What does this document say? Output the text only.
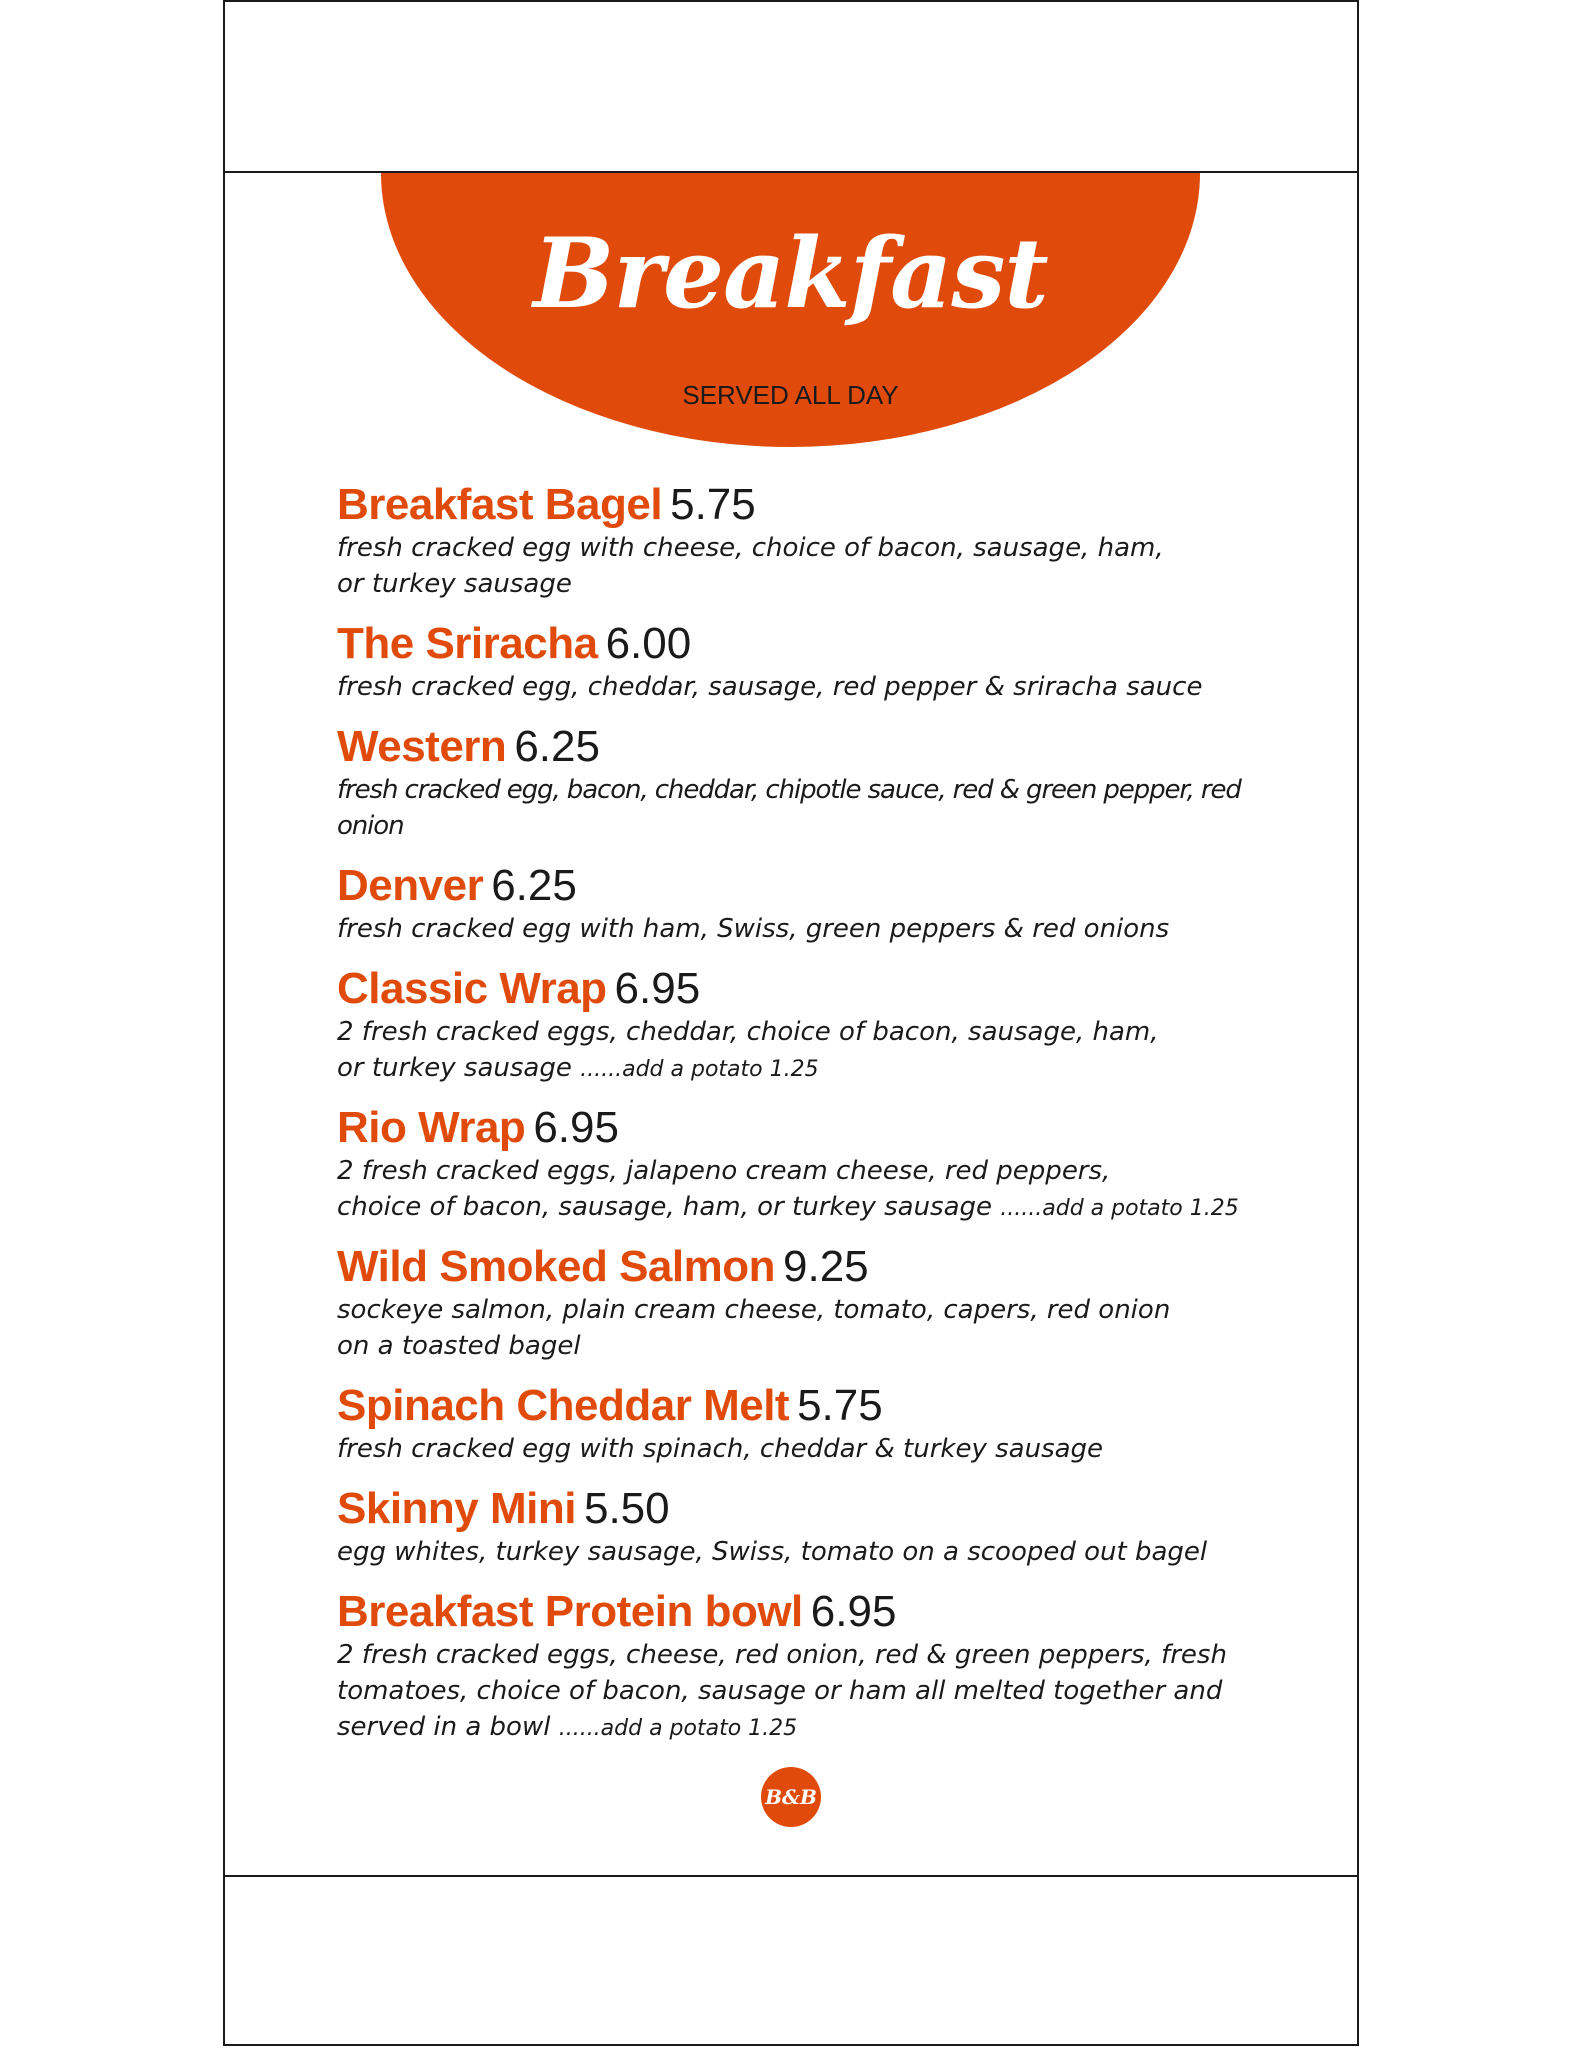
Breakfast
SERVED ALL DAY
Breakfast Bagel 5.75
fresh cracked egg with cheese, choice of bacon, sausage, ham,
or turkey sausage
The Sriracha 6.00
fresh cracked egg, cheddar, sausage, red pepper & sriracha sauce
Western 6.25
fresh cracked egg, bacon, cheddar, chipotle sauce, red & green pepper, red onion
Denver 6.25
fresh cracked egg with ham, Swiss, green peppers & red onions
Classic Wrap 6.95
2 fresh cracked eggs, cheddar, choice of bacon, sausage, ham,
or turkey sausage ......add a potato 1.25
Rio Wrap 6.95
2 fresh cracked eggs, jalapeno cream cheese, red peppers,
choice of bacon, sausage, ham, or turkey sausage ......add a potato 1.25
Wild Smoked Salmon 9.25
sockeye salmon, plain cream cheese, tomato, capers, red onion
on a toasted bagel
Spinach Cheddar Melt 5.75
fresh cracked egg with spinach, cheddar & turkey sausage
Skinny Mini 5.50
egg whites, turkey sausage, Swiss, tomato on a scooped out bagel
Breakfast Protein bowl 6.95
2 fresh cracked eggs, cheese, red onion, red & green peppers, fresh
tomatoes, choice of bacon, sausage or ham all melted together and
served in a bowl ......add a potato 1.25
B&B
